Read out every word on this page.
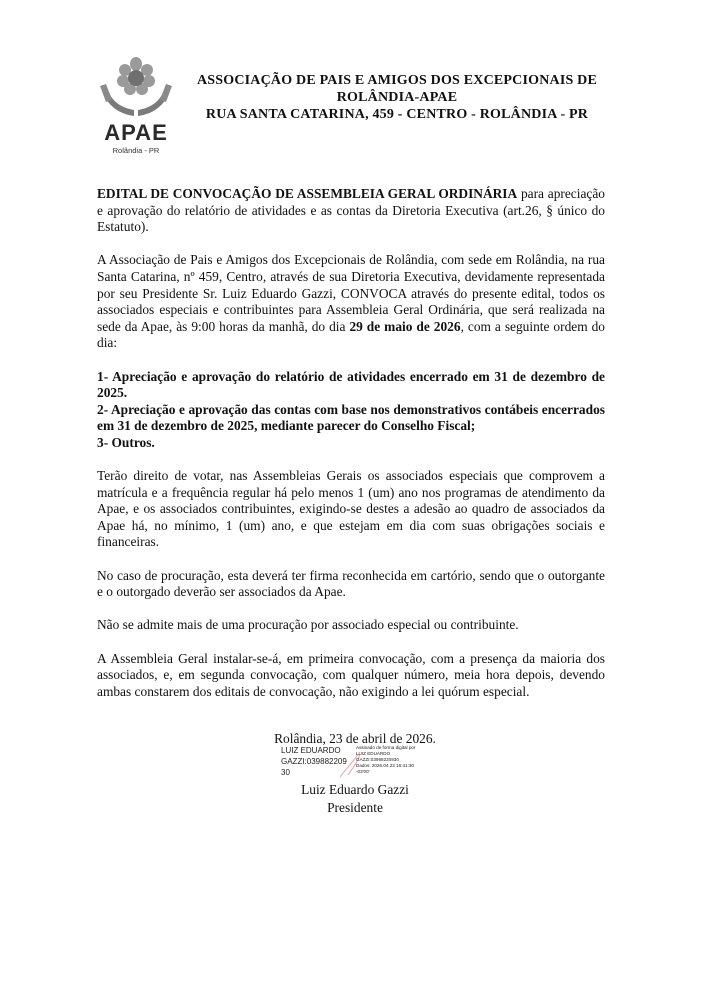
APAE
Rolândia - PR
ASSOCIAÇÃO DE PAIS E AMIGOS DOS EXCEPCIONAIS DE
ROLÂNDIA-APAE
RUA SANTA CATARINA, 459 - CENTRO - ROLÂNDIA - PR

EDITAL DE CONVOCAÇÃO DE ASSEMBLEIA GERAL ORDINÁRIA para apreciação e aprovação do relatório de atividades e as contas da Diretoria Executiva (art.26, § único do Estatuto).

A Associação de Pais e Amigos dos Excepcionais de Rolândia, com sede em Rolândia, na rua Santa Catarina, nº 459, Centro, através de sua Diretoria Executiva, devidamente representada por seu Presidente Sr. Luiz Eduardo Gazzi, CONVOCA através do presente edital, todos os associados especiais e contribuintes para Assembleia Geral Ordinária, que será realizada na sede da Apae, às 9:00 horas da manhã, do dia 29 de maio de 2026, com a seguinte ordem do dia:

1- Apreciação e aprovação do relatório de atividades encerrado em 31 de dezembro de 2025.

2- Apreciação e aprovação das contas com base nos demonstrativos contábeis encerrados em 31 de dezembro de 2025, mediante parecer do Conselho Fiscal;

3- Outros.

Terão direito de votar, nas Assembleias Gerais os associados especiais que comprovem a matrícula e a frequência regular há pelo menos 1 (um) ano nos programas de atendimento da Apae, e os associados contribuintes, exigindo-se destes a adesão ao quadro de associados da Apae há, no mínimo, 1 (um) ano, e que estejam em dia com suas obrigações sociais e financeiras.

No caso de procuração, esta deverá ter firma reconhecida em cartório, sendo que o outorgante e o outorgado deverão ser associados da Apae.

Não se admite mais de uma procuração por associado especial ou contribuinte.

A Assembleia Geral instalar-se-á, em primeira convocação, com a presença da maioria dos associados, e, em segunda convocação, com qualquer número, meia hora depois, devendo ambas constarem dos editais de convocação, não exigindo a lei quórum especial.

Rolândia, 23 de abril de 2026.
LUIZ EDUARDO
GAZZI:039882209
30
Assinado de forma digital por
LUIZ EDUARDO
GAZZI:03988220930
Dados: 2026.04.23 16:41:30
-03'00'
Luiz Eduardo Gazzi
Presidente
